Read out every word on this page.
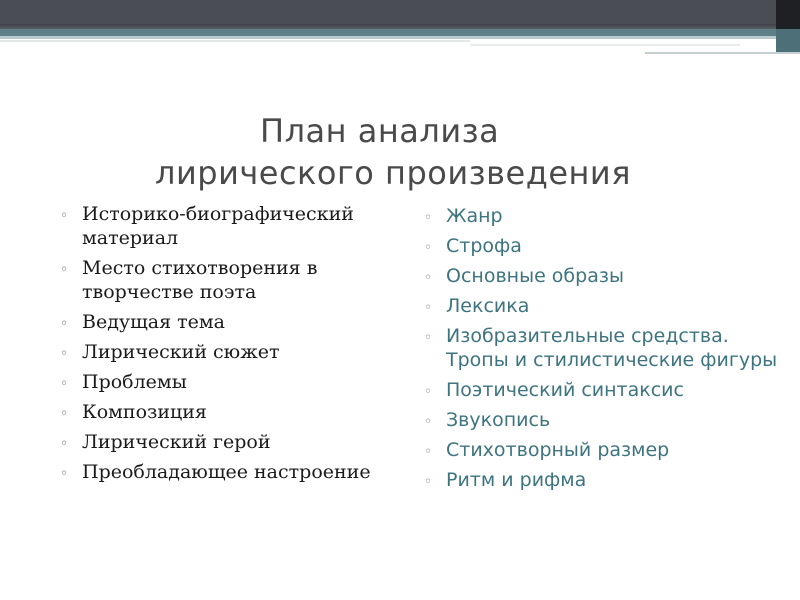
План анализа
лирического произведения
◦ Историко-биографический материал
◦ Место стихотворения в творчестве поэта
◦ Ведущая тема
◦ Лирический сюжет
◦ Проблемы
◦ Композиция
◦ Лирический герой
◦ Преобладающее настроение
◦ Жанр
◦ Строфа
◦ Основные образы
◦ Лексика
◦ Изобразительные средства. Тропы и стилистические фигуры
◦ Поэтический синтаксис
◦ Звукопись
◦ Стихотворный размер
◦ Ритм и рифма
